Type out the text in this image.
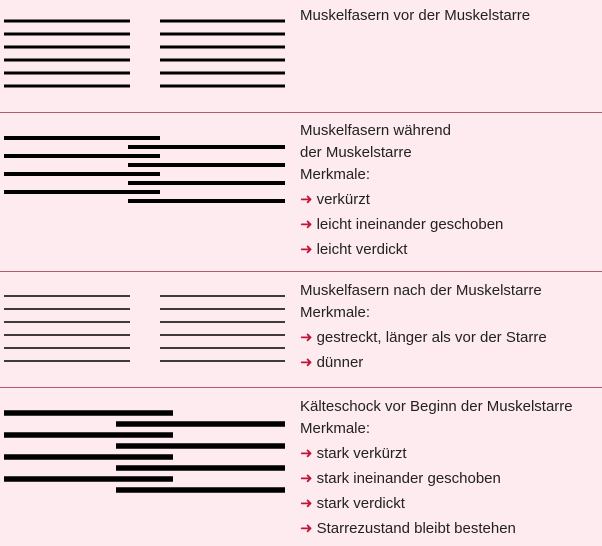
Muskelfasern vor der Muskelstarre
Muskelfasern während
der Muskelstarre
Merkmale:
➜ verkürzt
➜ leicht ineinander geschoben
➜ leicht verdickt
Muskelfasern nach der Muskelstarre
Merkmale:
➜ gestreckt, länger als vor der Starre
➜ dünner
Kälteschock vor Beginn der Muskelstarre
Merkmale:
➜ stark verkürzt
➜ stark ineinander geschoben
➜ stark verdickt
➜ Starrezustand bleibt bestehen
